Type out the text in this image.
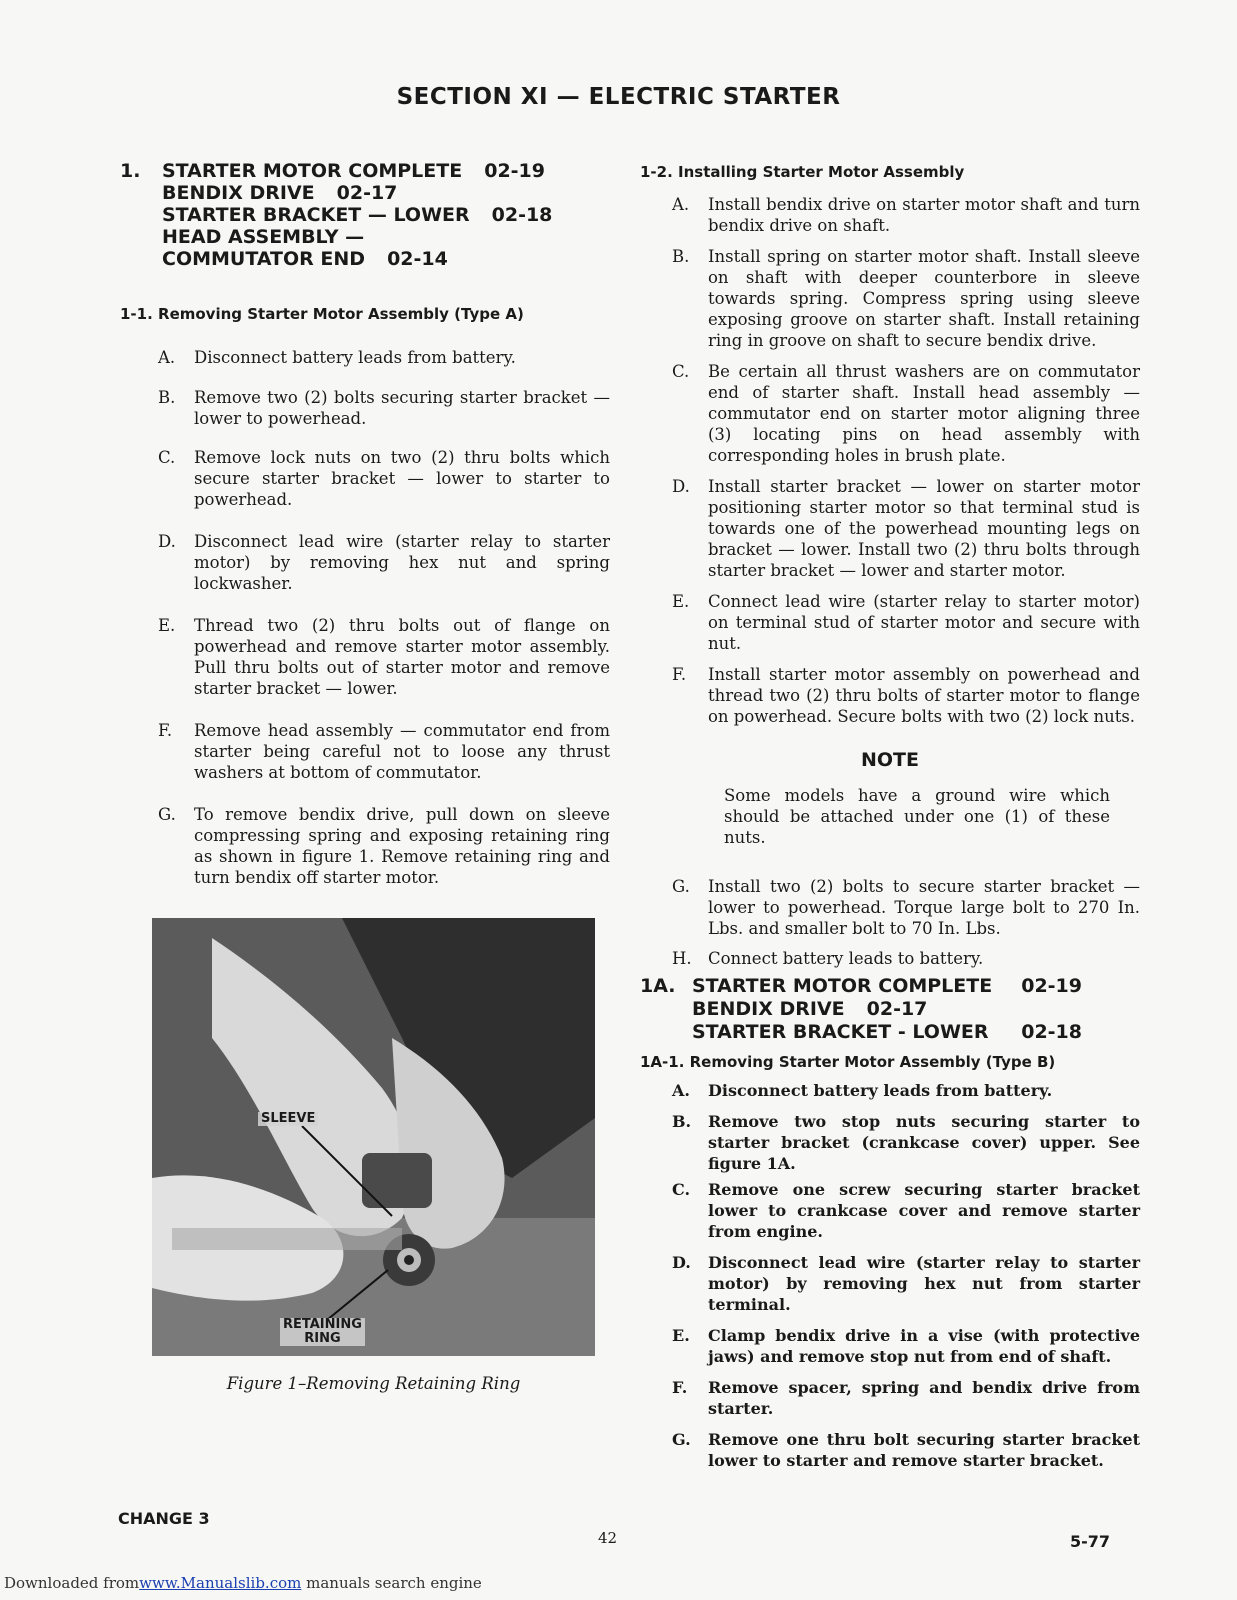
SECTION XI — ELECTRIC STARTER
1.	STARTER MOTOR COMPLETE 02-19
BENDIX DRIVE 02-17
STARTER BRACKET — LOWER 02-18
HEAD ASSEMBLY —
COMMUTATOR END 02-14
1-1. Removing Starter Motor Assembly (Type A)
A.	Disconnect battery leads from battery.
B.	Remove two (2) bolts securing starter bracket — lower to powerhead.
C.	Remove lock nuts on two (2) thru bolts which secure starter bracket — lower to starter to powerhead.
D.	Disconnect lead wire (starter relay to starter motor) by removing hex nut and spring lockwasher.
E.	Thread two (2) thru bolts out of flange on powerhead and remove starter motor assembly. Pull thru bolts out of starter motor and remove starter bracket — lower.
F.	Remove head assembly — commutator end from starter being careful not to loose any thrust washers at bottom of commutator.
G.	To remove bendix drive, pull down on sleeve compressing spring and exposing retaining ring as shown in figure 1. Remove retaining ring and turn bendix off starter motor.
SLEEVE
RETAINING
RING
Figure 1–Removing Retaining Ring
1-2. Installing Starter Motor Assembly
A.	Install bendix drive on starter motor shaft and turn bendix drive on shaft.
B.	Install spring on starter motor shaft. Install sleeve on shaft with deeper counterbore in sleeve towards spring. Compress spring using sleeve exposing groove on starter shaft. Install retaining ring in groove on shaft to secure bendix drive.
C.	Be certain all thrust washers are on commutator end of starter shaft. Install head assembly — commutator end on starter motor aligning three (3) locating pins on head assembly with corresponding holes in brush plate.
D.	Install starter bracket — lower on starter motor positioning starter motor so that terminal stud is towards one of the powerhead mounting legs on bracket — lower. Install two (2) thru bolts through starter bracket — lower and starter motor.
E.	Connect lead wire (starter relay to starter motor) on terminal stud of starter motor and secure with nut.
F.	Install starter motor assembly on powerhead and thread two (2) thru bolts of starter motor to flange on powerhead. Secure bolts with two (2) lock nuts.
NOTE
Some models have a ground wire which should be attached under one (1) of these nuts.
G.	Install two (2) bolts to secure starter bracket — lower to powerhead. Torque large bolt to 270 In. Lbs. and smaller bolt to 70 In. Lbs.
H. Connect battery leads to battery.
1A. STARTER MOTOR COMPLETE 02-19
BENDIX DRIVE 02-17
STARTER BRACKET - LOWER 02-18
1A-1. Removing Starter Motor Assembly (Type B)
A.	Disconnect battery leads from battery.
B.	Remove two stop nuts securing starter to starter bracket (crankcase cover) upper. See figure 1A.
C.	Remove one screw securing starter bracket lower to crankcase cover and remove starter from engine.
D.	Disconnect lead wire (starter relay to starter motor) by removing hex nut from starter terminal.
E.	Clamp bendix drive in a vise (with protective jaws) and remove stop nut from end of shaft.
F.	Remove spacer, spring and bendix drive from starter.
G.	Remove one thru bolt securing starter bracket lower to starter and remove starter bracket.
CHANGE 3
42	5-77
Downloaded fromwww.Manualslib.com manuals search engine
